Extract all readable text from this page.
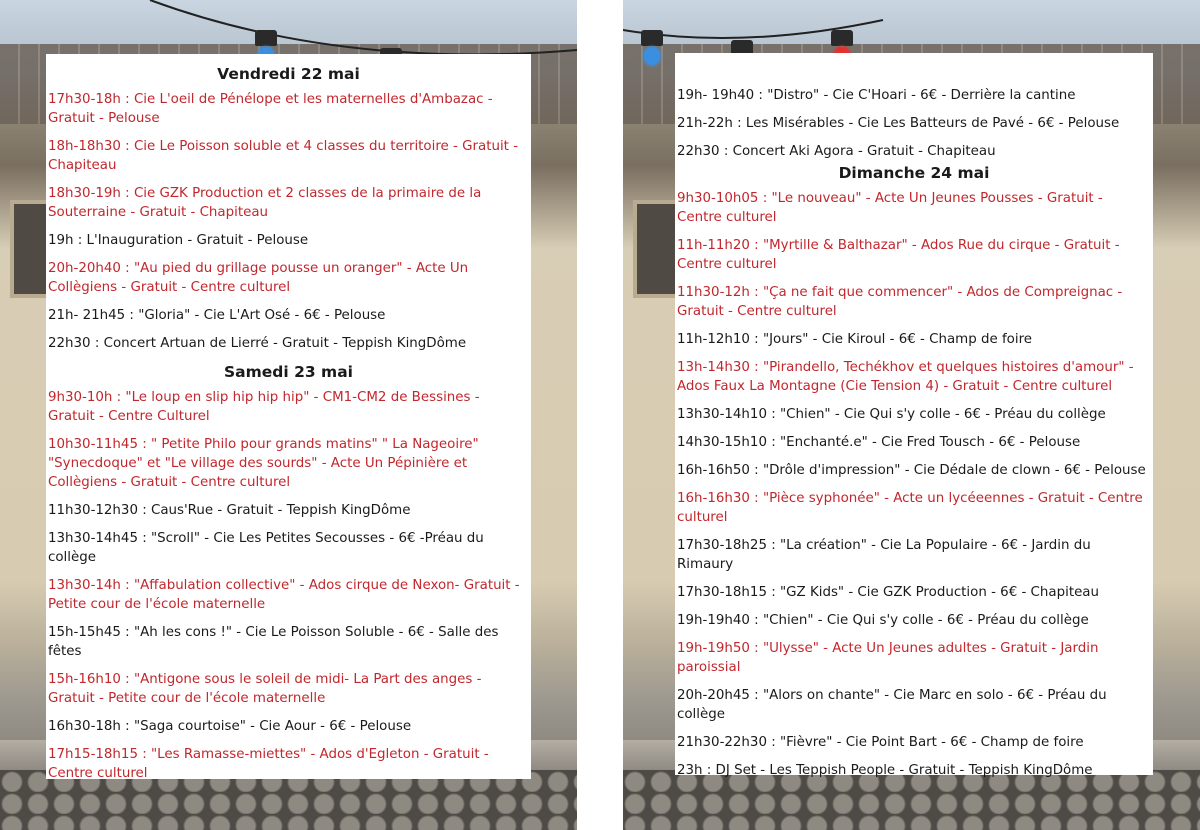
Vendredi 22 mai
17h30-18h : Cie L'oeil de Pénélope et les maternelles d'Ambazac - Gratuit - Pelouse
18h-18h30 : Cie Le Poisson soluble et 4 classes du territoire - Gratuit - Chapiteau
18h30-19h : Cie GZK Production et 2 classes de la primaire de la Souterraine - Gratuit - Chapiteau
19h : L'Inauguration - Gratuit - Pelouse
20h-20h40 : "Au pied du grillage pousse un oranger" - Acte Un Collègiens - Gratuit - Centre culturel
21h- 21h45 : "Gloria" - Cie L'Art Osé - 6€ - Pelouse
22h30 : Concert Artuan de Lierré - Gratuit - Teppish KingDôme
Samedi 23 mai
9h30-10h : "Le loup en slip hip hip hip" - CM1-CM2 de Bessines - Gratuit - Centre Culturel
10h30-11h45 : " Petite Philo pour grands matins" " La Nageoire" "Synecdoque" et "Le village des sourds" - Acte Un Pépinière et Collègiens - Gratuit - Centre culturel
11h30-12h30 : Caus'Rue - Gratuit - Teppish KingDôme
13h30-14h45 : "Scroll" - Cie Les Petites Secousses - 6€ -Préau du collège
13h30-14h : "Affabulation collective" - Ados cirque de Nexon- Gratuit - Petite cour de l'école maternelle
15h-15h45 : "Ah les cons !" - Cie Le Poisson Soluble - 6€ - Salle des fêtes
15h-16h10 : "Antigone sous le soleil de midi- La Part des anges - Gratuit - Petite cour de l'école maternelle
16h30-18h : "Saga courtoise" - Cie Aour - 6€ - Pelouse
17h15-18h15 : "Les Ramasse-miettes" - Ados d'Egleton - Gratuit - Centre culturel
19h- 19h40 : "Distro" - Cie C'Hoari - 6€ - Derrière la cantine
21h-22h : Les Misérables - Cie Les Batteurs de Pavé - 6€ - Pelouse
22h30 : Concert Aki Agora - Gratuit - Chapiteau
Dimanche 24 mai
9h30-10h05 : "Le nouveau" - Acte Un Jeunes Pousses - Gratuit - Centre culturel
11h-11h20 : "Myrtille & Balthazar" - Ados Rue du cirque - Gratuit - Centre culturel
11h30-12h : "Ça ne fait que commencer" - Ados de Compreignac - Gratuit - Centre culturel
11h-12h10 : "Jours" - Cie Kiroul - 6€ - Champ de foire
13h-14h30 : "Pirandello, Techékhov et quelques histoires d'amour" - Ados Faux La Montagne (Cie Tension 4) - Gratuit - Centre culturel
13h30-14h10 : "Chien" - Cie Qui s'y colle - 6€ - Préau du collège
14h30-15h10 : "Enchanté.e" - Cie Fred Tousch - 6€ - Pelouse
16h-16h50 : "Drôle d'impression" - Cie Dédale de clown - 6€ - Pelouse
16h-16h30 : "Pièce syphonée" - Acte un lycéeennes - Gratuit - Centre culturel
17h30-18h25 : "La création" - Cie La Populaire - 6€ - Jardin du Rimaury
17h30-18h15 : "GZ Kids" - Cie GZK Production - 6€ - Chapiteau
19h-19h40 : "Chien" - Cie Qui s'y colle - 6€ - Préau du collège
19h-19h50 : "Ulysse" - Acte Un Jeunes adultes - Gratuit - Jardin paroissial
20h-20h45 : "Alors on chante" - Cie Marc en solo - 6€ - Préau du collège
21h30-22h30 : "Fièvre" - Cie Point Bart - 6€ - Champ de foire
23h : DJ Set - Les Teppish People - Gratuit - Teppish KingDôme
